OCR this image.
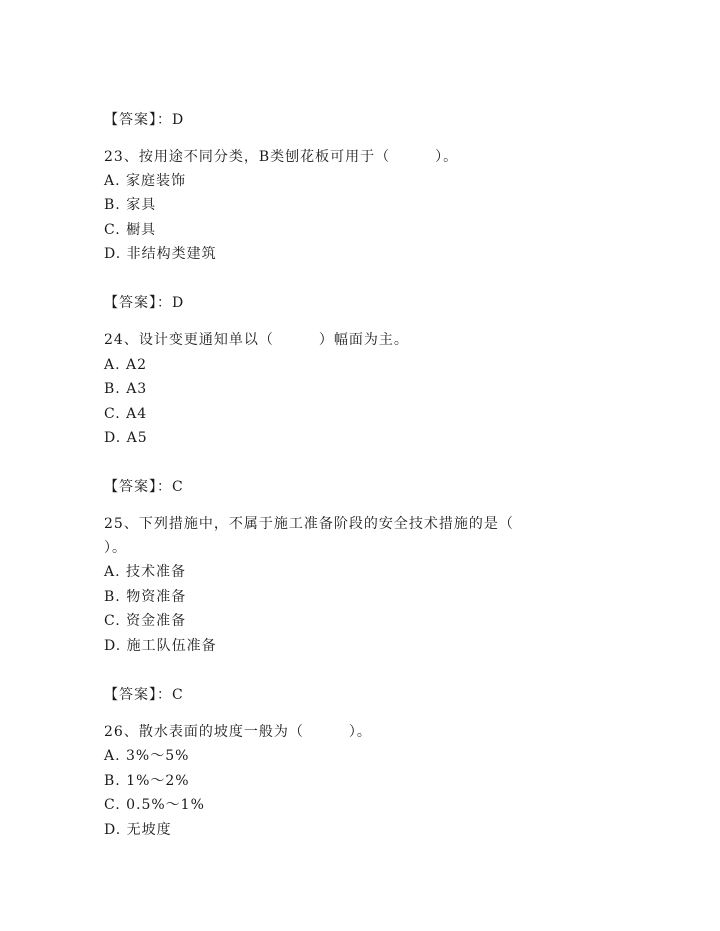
【答案】：D
23、按用途不同分类，B类刨花板可用于（　　　）。
A. 家庭装饰
B. 家具
C. 橱具
D. 非结构类建筑
【答案】：D
24、设计变更通知单以（　　　）幅面为主。
A. A2
B. A3
C. A4
D. A5
【答案】：C
25、下列措施中，不属于施工准备阶段的安全技术措施的是（
）。
A. 技术准备
B. 物资准备
C. 资金准备
D. 施工队伍准备
【答案】：C
26、散水表面的坡度一般为（　　　）。
A. 3%～5%
B. 1%～2%
C. 0.5%～1%
D. 无坡度
